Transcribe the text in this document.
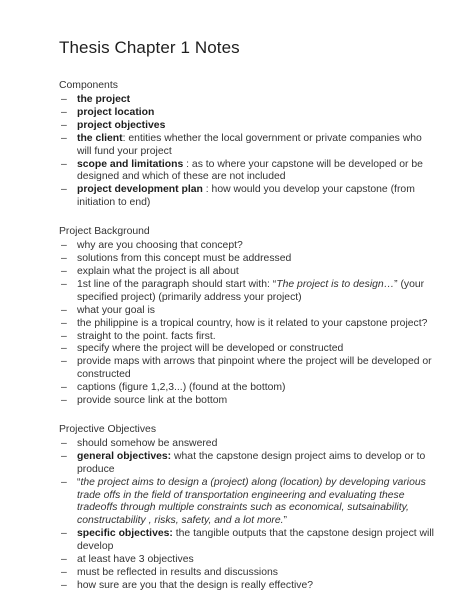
Thesis Chapter 1 Notes
Components
– the project
– project location
– project objectives
– the client: entities whether the local government or private companies who will fund your project
– scope and limitations : as to where your capstone will be developed or be designed and which of these are not included
– project development plan : how would you develop your capstone (from initiation to end)
Project Background
– why are you choosing that concept?
– solutions from this concept must be addressed
– explain what the project is all about
– 1st line of the paragraph should start with: “The project is to design…” (your specified project) (primarily address your project)
– what your goal is
– the philippine is a tropical country, how is it related to your capstone project?
– straight to the point. facts first.
– specify where the project will be developed or constructed
– provide maps with arrows that pinpoint where the project will be developed or constructed
– captions (figure 1,2,3...) (found at the bottom)
– provide source link at the bottom
Projective Objectives
– should somehow be answered
– general objectives: what the capstone design project aims to develop or to produce
– “the project aims to design a (project) along (location) by developing various trade offs in the field of transportation engineering and evaluating these tradeoffs through multiple constraints such as economical, sutsainability, constructability , risks, safety, and a lot more.”
– specific objectives: the tangible outputs that the capstone design project will develop
– at least have 3 objectives
– must be reflected in results and discussions
– how sure are you that the design is really effective?
